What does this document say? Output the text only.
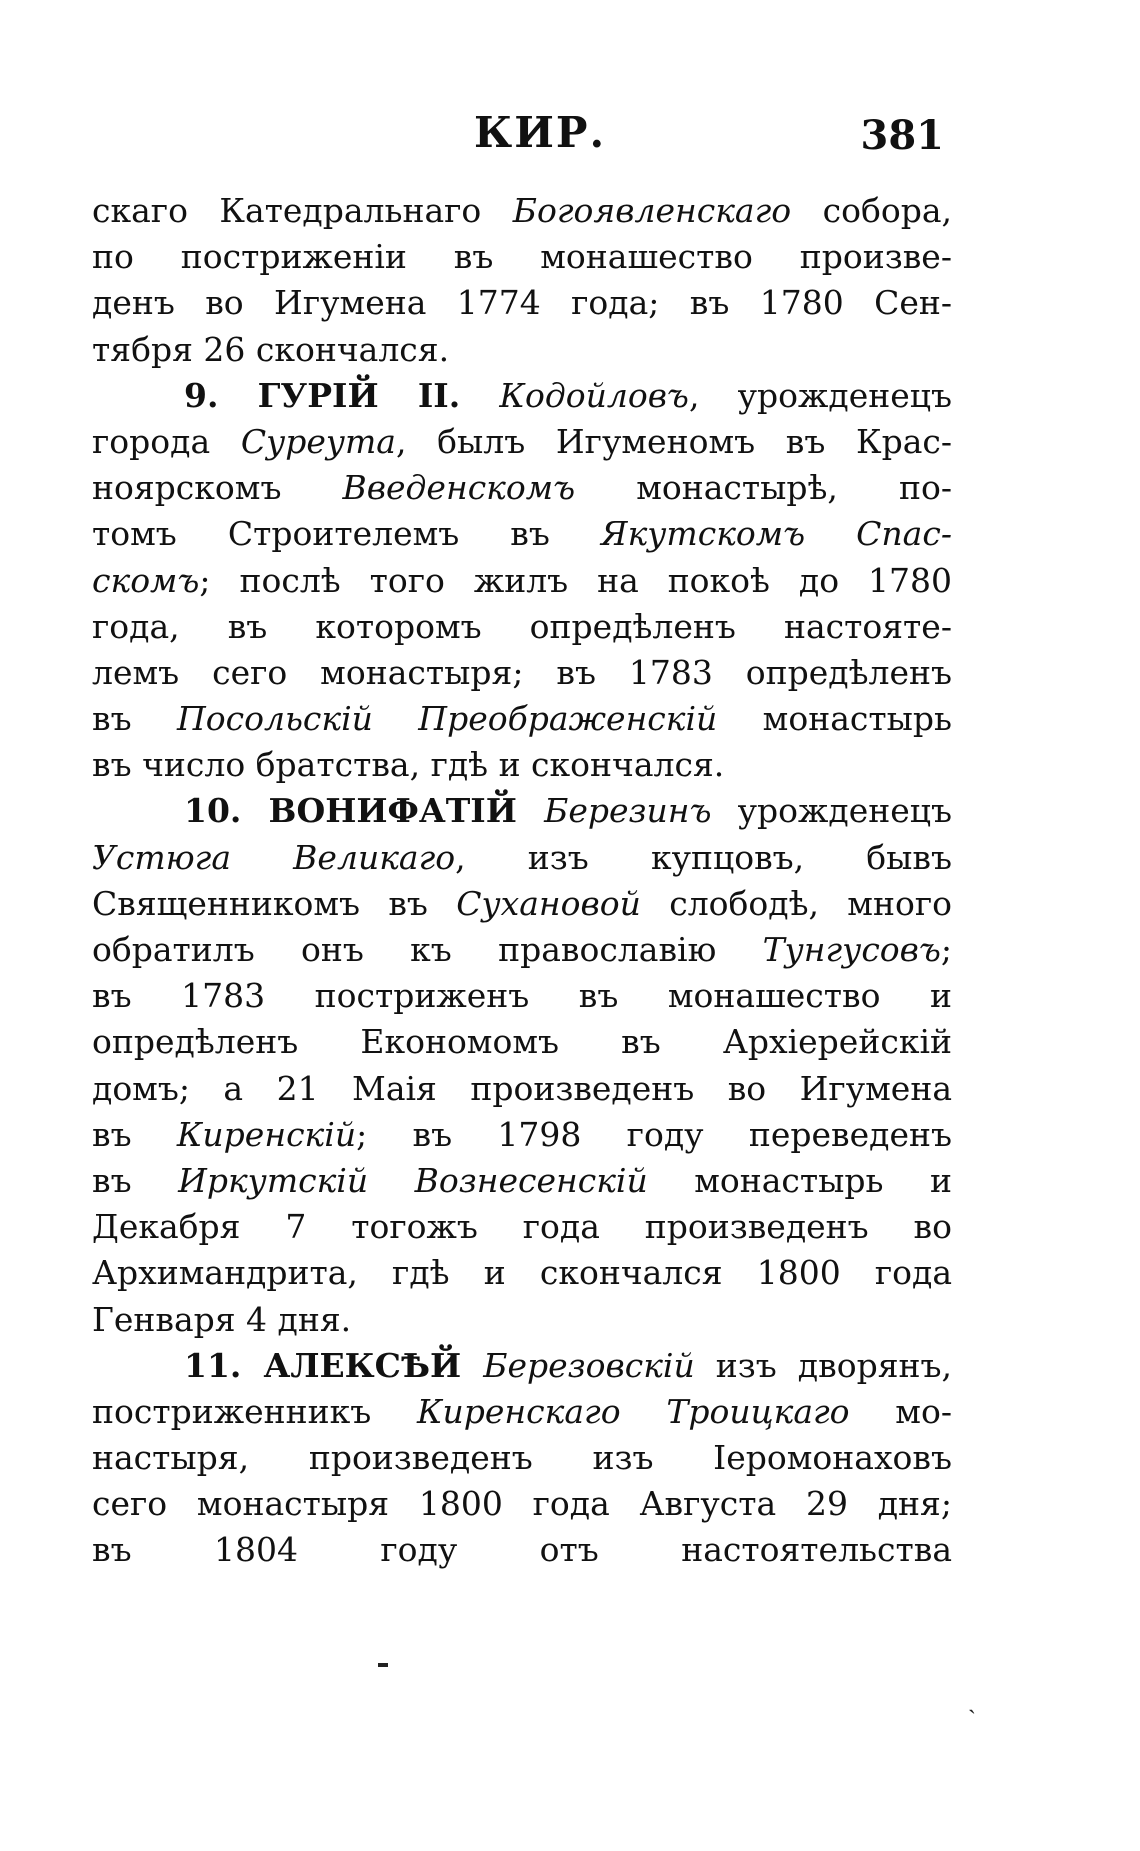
КИР.	381
скаго Катедральнаго Богоявленскаго собора,
по постриженіи въ монашество произве-
денъ во Игумена 1774 года; въ 1780 Сен-
тября 26 скончался.
9. ГУРІЙ II. Кодойловъ, урожденецъ
города Суреута, былъ Игуменомъ въ Крас-
ноярскомъ Введенскомъ монастырѣ, по-
томъ Строителемъ въ Якутскомъ Спас-
скомъ; послѣ того жилъ на покоѣ до 1780
года, въ которомъ опредѣленъ настояте-
лемъ сего монастыря; въ 1783 опредѣленъ
въ Посольскій Преображенскій монастырь
въ число братства, гдѣ и скончался.
10. ВОНИФАТІЙ Березинъ урожденецъ
Устюга Великаго, изъ купцовъ, бывъ
Священникомъ въ Сухановой слободѣ, много
обратилъ онъ къ православію Тунгусовъ;
въ 1783 постриженъ въ монашество и
опредѣленъ Економомъ въ Архіерейскій
домъ; а 21 Маія произведенъ во Игумена
въ Киренскій; въ 1798 году переведенъ
въ Иркутскій Вознесенскій монастырь и
Декабря 7 тогожъ года произведенъ во
Архимандрита, гдѣ и скончался 1800 года
Генваря 4 дня.
11. АЛЕКСѢЙ Березовскій изъ дворянъ,
постриженникъ Киренскаго Троицкаго мо-
настыря, произведенъ изъ Іеромонаховъ
сего монастыря 1800 года Августа 29 дня;
въ 1804 году отъ настоятельства
ˏ
